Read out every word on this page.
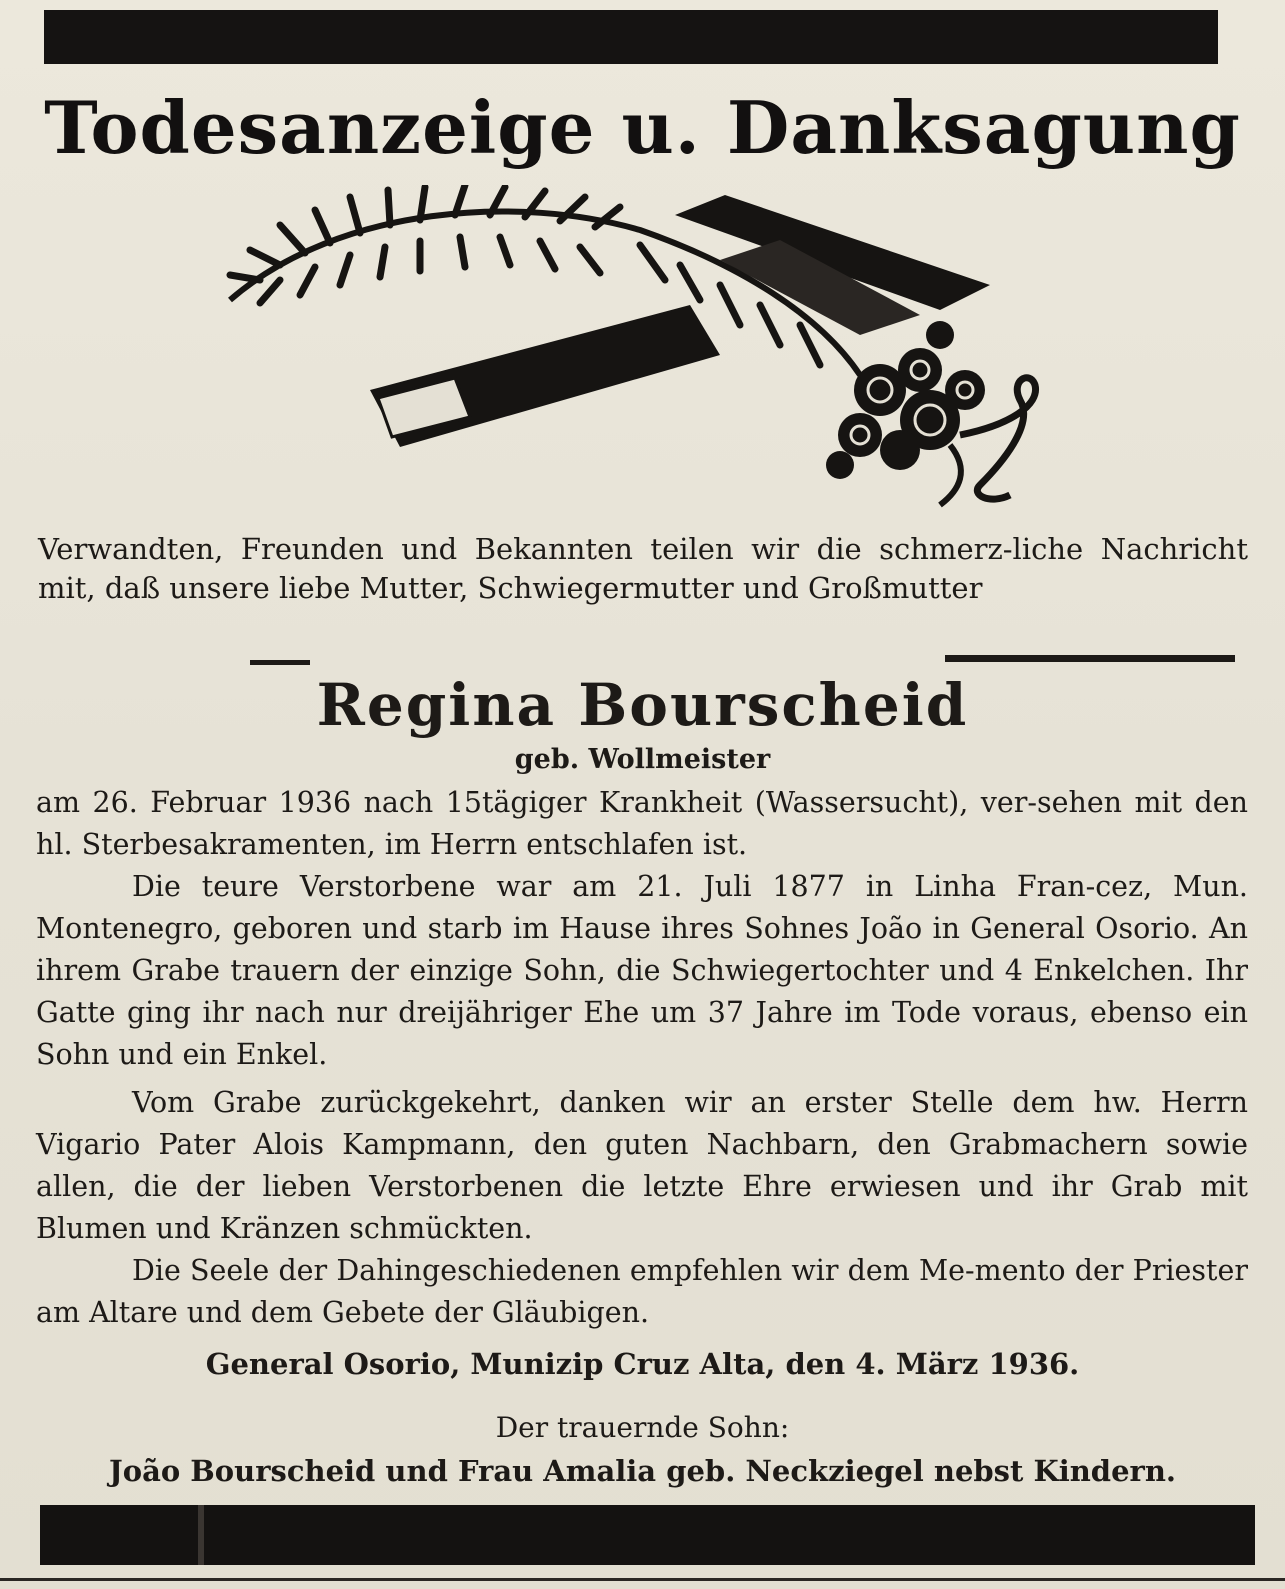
Todesanzeige u. Danksagung

Verwandten, Freunden und Bekannten teilen wir die schmerz-liche Nachricht mit, daß unsere liebe Mutter, Schwiegermutter und Großmutter

Regina Bourscheid
geb. Wollmeister

am 26. Februar 1936 nach 15tägiger Krankheit (Wassersucht), ver-sehen mit den hl. Sterbesakramenten, im Herrn entschlafen ist.

Die teure Verstorbene war am 21. Juli 1877 in Linha Fran-cez, Mun. Montenegro, geboren und starb im Hause ihres Sohnes João in General Osorio. An ihrem Grabe trauern der einzige Sohn, die Schwiegertochter und 4 Enkelchen. Ihr Gatte ging ihr nach nur dreijähriger Ehe um 37 Jahre im Tode voraus, ebenso ein Sohn und ein Enkel.

Vom Grabe zurückgekehrt, danken wir an erster Stelle dem hw. Herrn Vigario Pater Alois Kampmann, den guten Nachbarn, den Grabmachern sowie allen, die der lieben Verstorbenen die letzte Ehre erwiesen und ihr Grab mit Blumen und Kränzen schmückten.

Die Seele der Dahingeschiedenen empfehlen wir dem Me-mento der Priester am Altare und dem Gebete der Gläubigen.

General Osorio, Munizip Cruz Alta, den 4. März 1936.
Der trauernde Sohn:
João Bourscheid und Frau Amalia geb. Neckziegel nebst Kindern.
